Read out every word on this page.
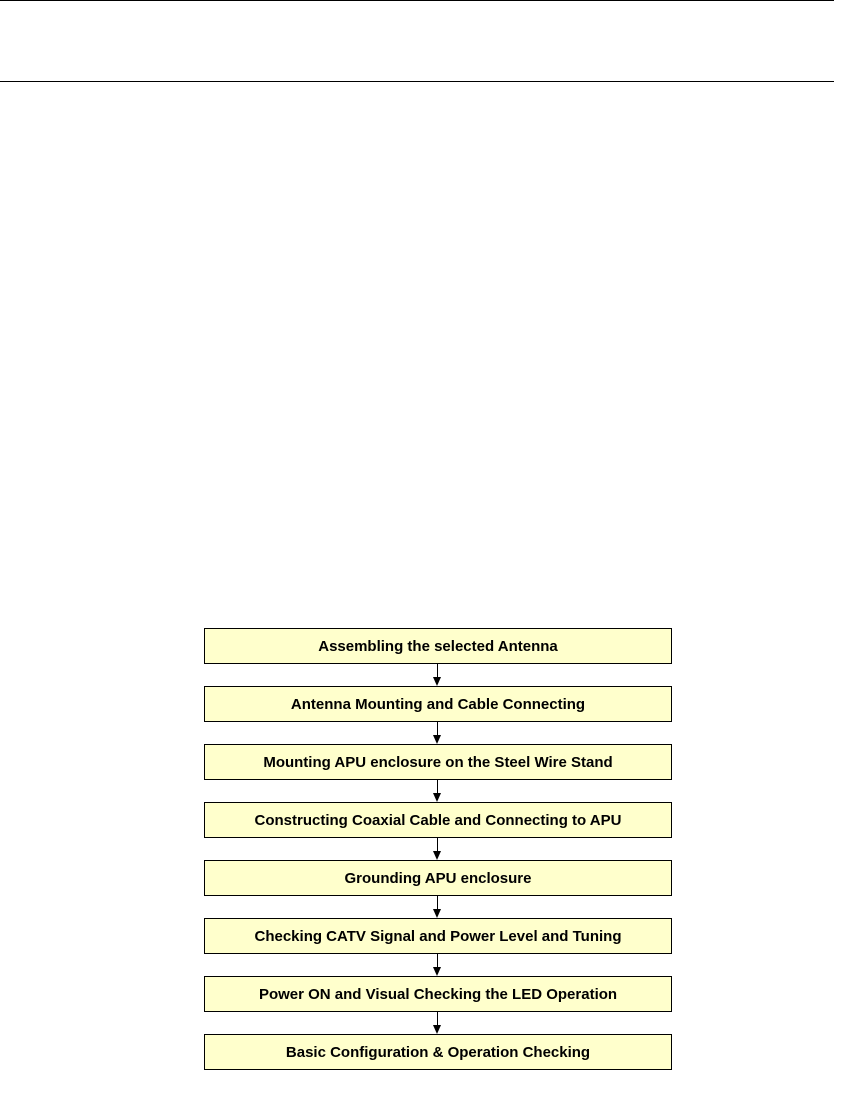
Assembling the selected Antenna
Antenna Mounting and Cable Connecting
Mounting APU enclosure on the Steel Wire Stand
Constructing Coaxial Cable and Connecting to APU
Grounding APU enclosure
Checking CATV Signal and Power Level and Tuning
Power ON and Visual Checking the LED Operation
Basic Configuration & Operation Checking
